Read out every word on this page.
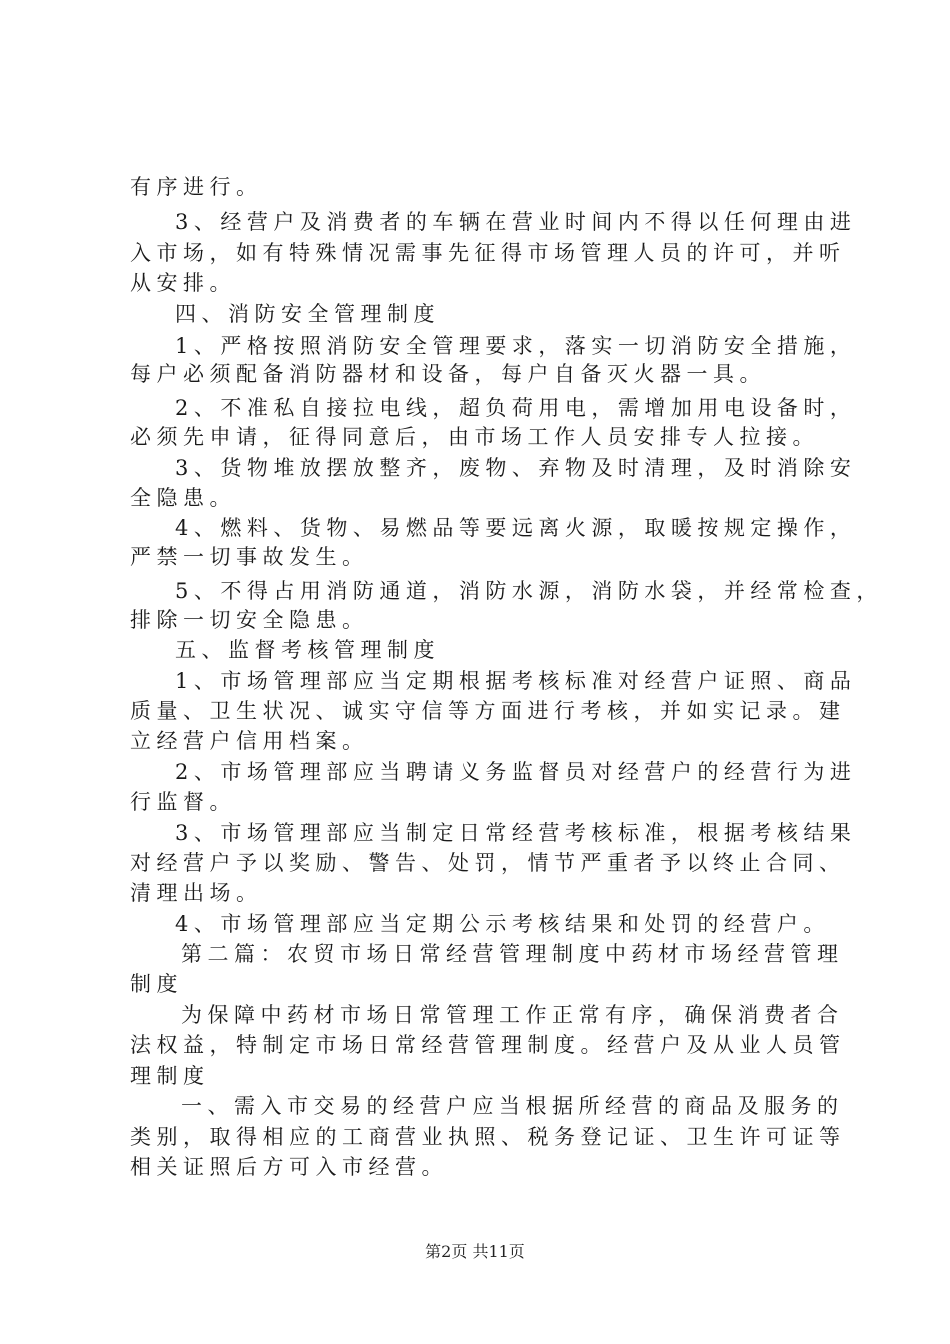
有序进行。
3、经营户及消费者的车辆在营业时间内不得以任何理由进
入市场，如有特殊情况需事先征得市场管理人员的许可，并听
从安排。
四、消防安全管理制度
1、严格按照消防安全管理要求，落实一切消防安全措施，
每户必须配备消防器材和设备，每户自备灭火器一具。
2、不准私自接拉电线，超负荷用电，需增加用电设备时，
必须先申请，征得同意后，由市场工作人员安排专人拉接。
3、货物堆放摆放整齐，废物、弃物及时清理，及时消除安
全隐患。
4、燃料、货物、易燃品等要远离火源，取暖按规定操作，
严禁一切事故发生。
5、不得占用消防通道，消防水源，消防水袋，并经常检查，
排除一切安全隐患。
五、监督考核管理制度
1、市场管理部应当定期根据考核标准对经营户证照、商品
质量、卫生状况、诚实守信等方面进行考核，并如实记录。建
立经营户信用档案。
2、市场管理部应当聘请义务监督员对经营户的经营行为进
行监督。
3、市场管理部应当制定日常经营考核标准，根据考核结果
对经营户予以奖励、警告、处罚，情节严重者予以终止合同、
清理出场。
4、市场管理部应当定期公示考核结果和处罚的经营户。
第二篇：农贸市场日常经营管理制度中药材市场经营管理
制度
为保障中药材市场日常管理工作正常有序，确保消费者合
法权益，特制定市场日常经营管理制度。经营户及从业人员管
理制度
一、需入市交易的经营户应当根据所经营的商品及服务的
类别，取得相应的工商营业执照、税务登记证、卫生许可证等
相关证照后方可入市经营。
第2页 共11页
